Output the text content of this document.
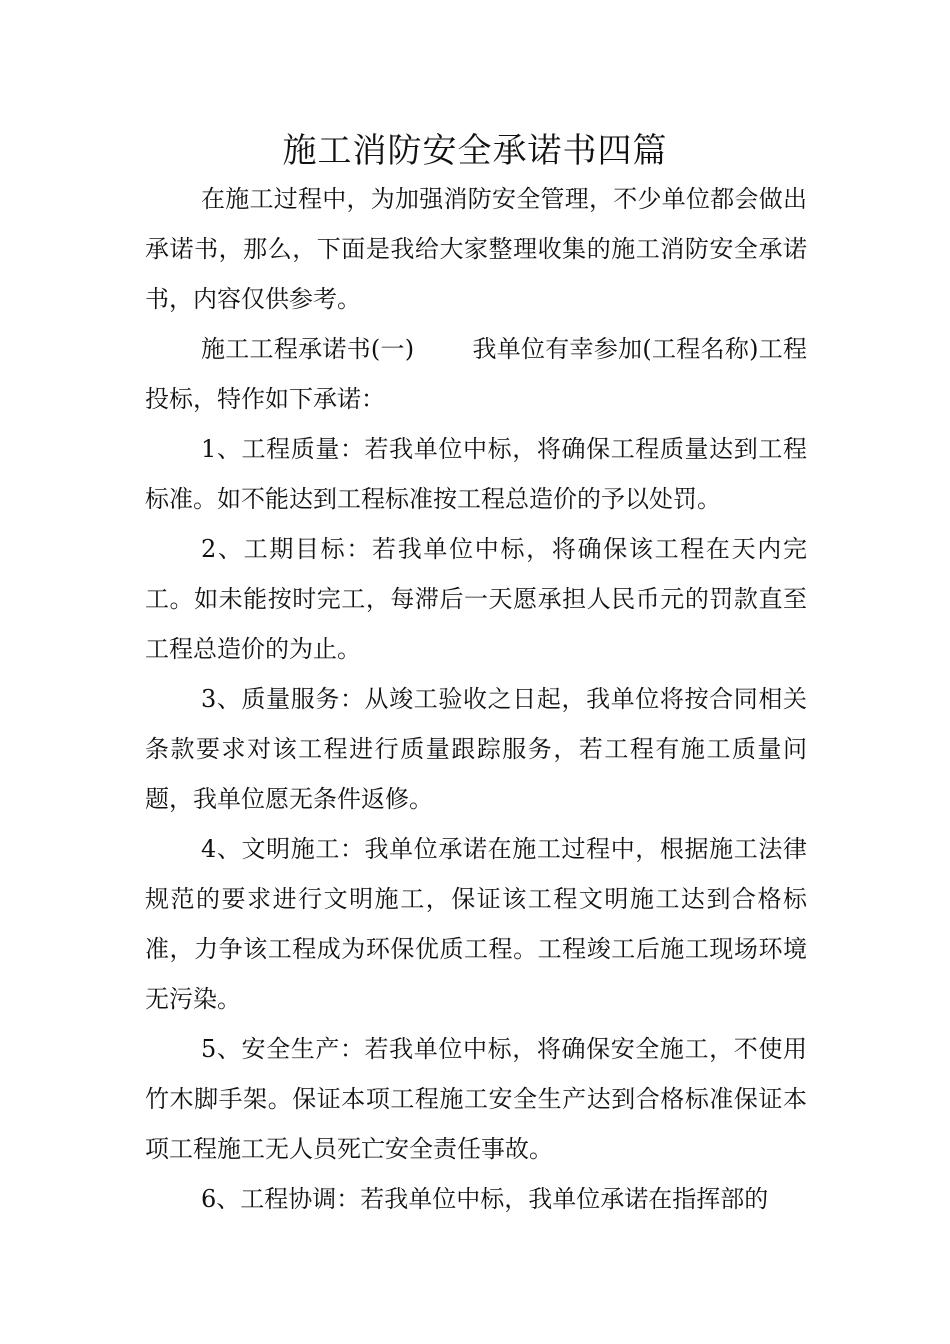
施工消防安全承诺书四篇

在施工过程中，为加强消防安全管理，不少单位都会做出承诺书，那么，下面是我给大家整理收集的施工消防安全承诺书，内容仅供参考。

施工工程承诺书(一) 我单位有幸参加(工程名称)工程投标，特作如下承诺：

1、工程质量：若我单位中标，将确保工程质量达到工程标准。如不能达到工程标准按工程总造价的予以处罚。

2、工期目标：若我单位中标，将确保该工程在天内完工。如未能按时完工，每滞后一天愿承担人民币元的罚款直至工程总造价的为止。

3、质量服务：从竣工验收之日起，我单位将按合同相关条款要求对该工程进行质量跟踪服务，若工程有施工质量问题，我单位愿无条件返修。

4、文明施工：我单位承诺在施工过程中，根据施工法律规范的要求进行文明施工，保证该工程文明施工达到合格标准，力争该工程成为环保优质工程。工程竣工后施工现场环境无污染。

5、安全生产：若我单位中标，将确保安全施工，不使用竹木脚手架。保证本项工程施工安全生产达到合格标准保证本项工程施工无人员死亡安全责任事故。

6、工程协调：若我单位中标，我单位承诺在指挥部的
